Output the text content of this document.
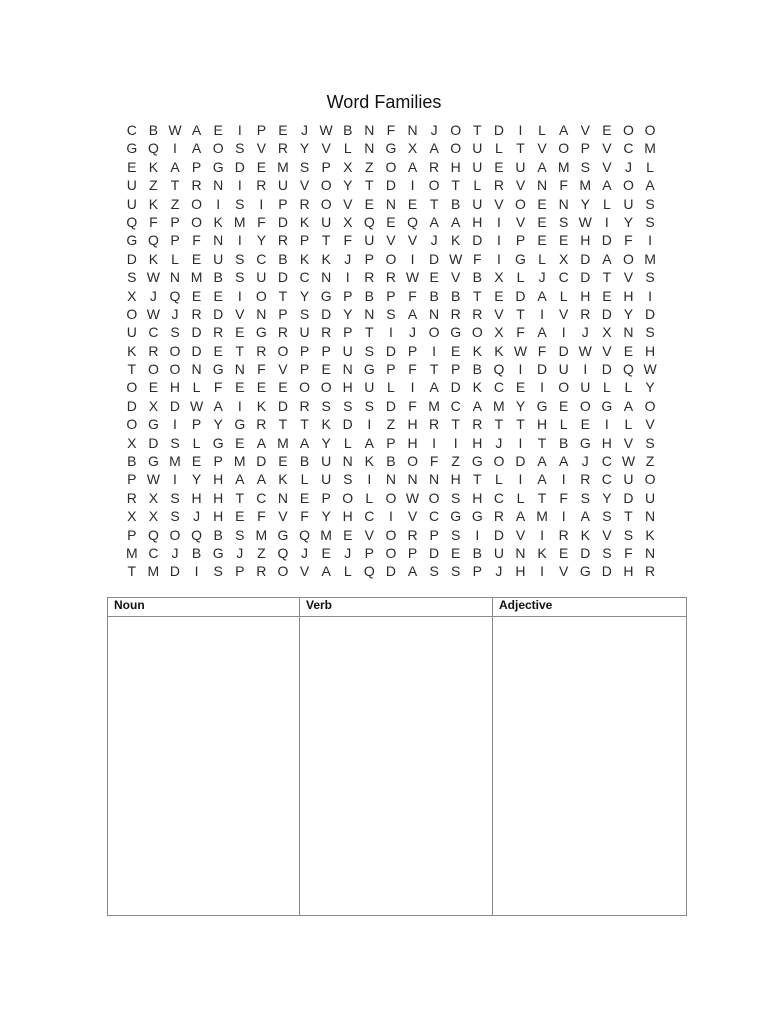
Word Families
C B W A E	I	P E J W B N F N J O T D	I	L A V E O O
G Q	I	A O S V R Y V L N G X A O U L T V O P V C M
E K A P G D E M S P X Z O A R H U E U A M S V J	L
U Z T R N	I	R U V O Y T D	I	O T L R V N F M A O A
U K Z O	I	S	I	P R O V E N E T B U V O E N Y L U S
Q F P O K M F D K U X Q E Q A A H	I	V E S W I	Y S
G Q P F N	I	Y R P T F U V V J K D	I	P E E H D F	I
D K L E U S C B K K J P O	I	D W F	I	G L X D A O M
S W N M B S U D C N	I	R R W E V B X L	J C D T V S
X J Q E E	I	O T Y G P B P F B B T E D A L H E H	I
O W J R D V N P S D Y N S A N R R V T	I	V R D Y D
U C S D R E G R U R P T	I	J O G O X F A	I	J X N S
K R O D E T R O P P U S D P	I	E K K W F D W V E H
T O O N G N F V P E N G P F T P B Q	I	D U	I	D Q W
O E H L F E E E O O H U L	I	A D K C E	I	O U L L Y
D X D W A	I	K D R S S S D F M C A M Y G E O G A O
O G	I	P Y G R T T K D	I	Z H R T R T T H L E	I	L V
X D S L G E A M A Y L A P H	I	I	H J	I	T B G H V S
B G M E P M D E B U N K B O F Z G O D A A J C W Z
P W I	Y H A A K L U S	I	N N N H T L	I	A	I	R C U O
R X S H H T C N E P O L O W O S H C L T F S Y D U
X X S J H E F V F Y H C	I	V C G G R A M I	A S T N
P Q O Q B S M G Q M E V O R P S	I	D V	I	R K V S K
M C J B G J Z Q J E J P O P D E B U N K E D S F N
T M D	I	S P R O V A L Q D A S S P J H	I	V G D H R
Noun	Verb	Adjective
